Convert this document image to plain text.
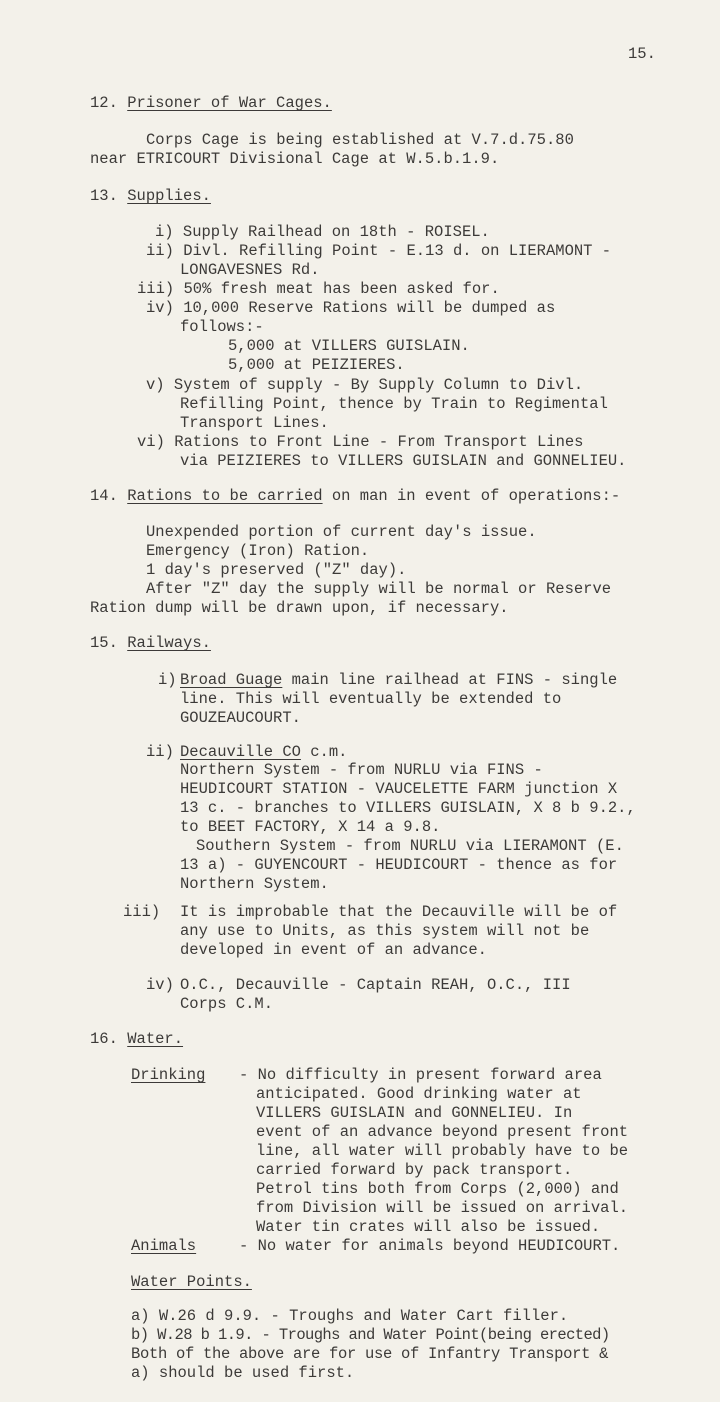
15.
12. Prisoner of War Cages.
Corps Cage is being established at V.7.d.75.80
near ETRICOURT Divisional Cage at W.5.b.1.9.
13. Supplies.
i) Supply Railhead on 18th - ROISEL.
ii) Divl. Refilling Point - E.13 d. on LIERAMONT -
LONGAVESNES Rd.
iii) 50% fresh meat has been asked for.
iv) 10,000 Reserve Rations will be dumped as
follows:-
5,000 at VILLERS GUISLAIN.
5,000 at PEIZIERES.
v) System of supply - By Supply Column to Divl.
Refilling Point, thence by Train to Regimental
Transport Lines.
vi) Rations to Front Line - From Transport Lines
via PEIZIERES to VILLERS GUISLAIN and GONNELIEU.
14. Rations to be carried on man in event of operations:-
Unexpended portion of current day's issue.
Emergency (Iron) Ration.
1 day's preserved ("Z" day).
After "Z" day the supply will be normal or Reserve
Ration dump will be drawn upon, if necessary.
15. Railways.
i) Broad Guage main line railhead at FINS - single
line. This will eventually be extended to
GOUZEAUCOURT.
ii) Decauville CO c.m.
Northern System - from NURLU via FINS -
HEUDICOURT STATION - VAUCELETTE FARM junction X
13 c. - branches to VILLERS GUISLAIN, X 8 b 9.2.,
to BEET FACTORY, X 14 a 9.8.
Southern System - from NURLU via LIERAMONT (E.
13 a) - GUYENCOURT - HEUDICOURT - thence as for
Northern System.
iii) It is improbable that the Decauville will be of
any use to Units, as this system will not be
developed in event of an advance.
iv) O.C., Decauville - Captain REAH, O.C., III
Corps C.M.
16. Water.
Drinking - No difficulty in present forward area
anticipated. Good drinking water at
VILLERS GUISLAIN and GONNELIEU. In
event of an advance beyond present front
line, all water will probably have to be
carried forward by pack transport.
Petrol tins both from Corps (2,000) and
from Division will be issued on arrival.
Water tin crates will also be issued.
Animals	- No water for animals beyond HEUDICOURT.
Water Points.
a) W.26 d 9.9. - Troughs and Water Cart filler.
b) W.28 b 1.9. - Troughs and Water Point(being erected)
Both of the above are for use of Infantry Transport &
a) should be used first.
